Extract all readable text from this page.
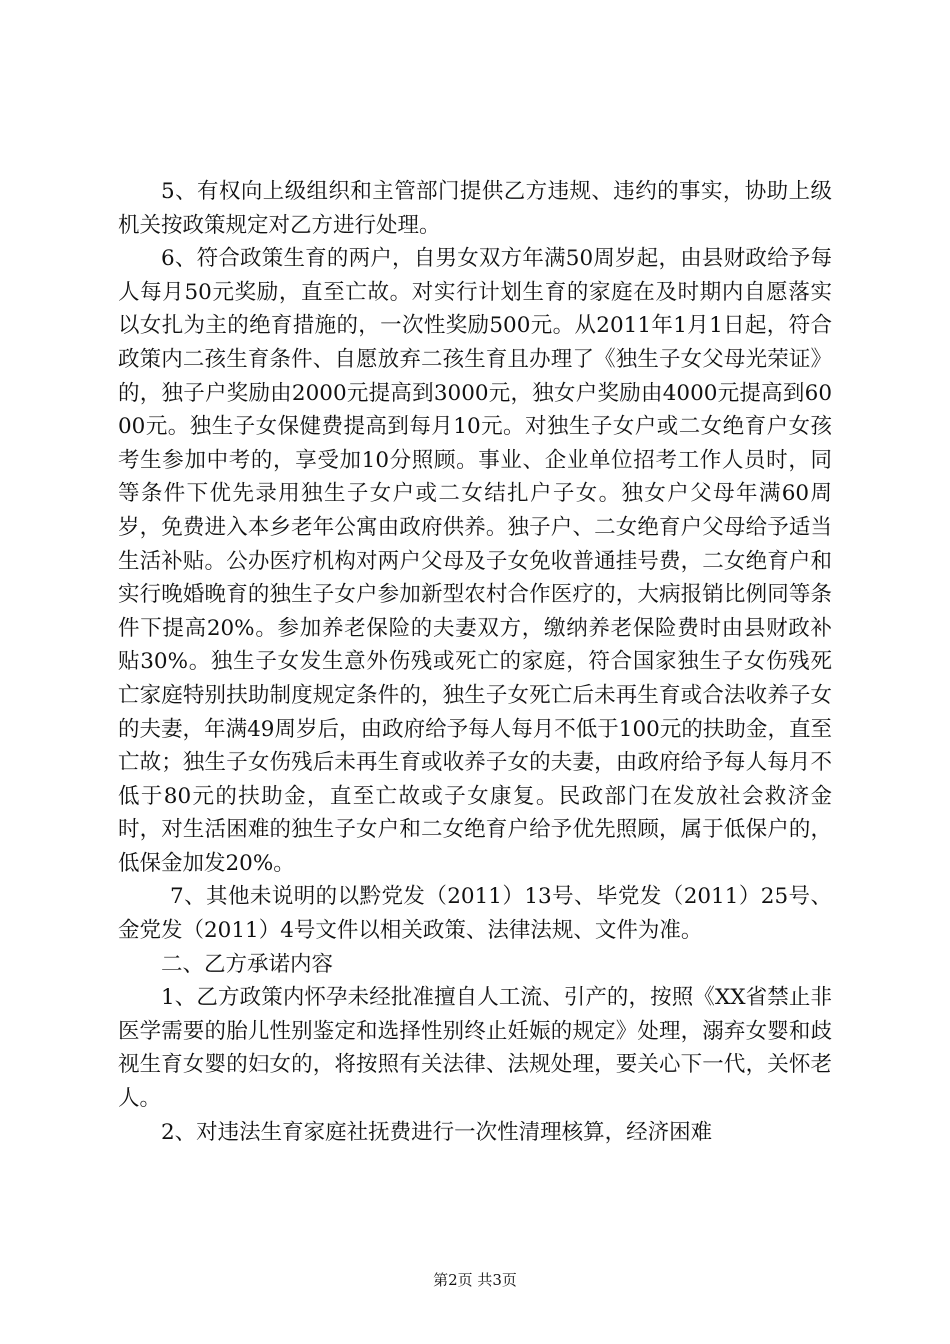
5、有权向上级组织和主管部门提供乙方违规、违约的事实，协助上级机关按政策规定对乙方进行处理。

6、符合政策生育的两户，自男女双方年满50周岁起，由县财政给予每人每月50元奖励，直至亡故。对实行计划生育的家庭在及时期内自愿落实以女扎为主的绝育措施的，一次性奖励500元。从2011年1月1日起，符合政策内二孩生育条件、自愿放弃二孩生育且办理了《独生子女父母光荣证》的，独子户奖励由2000元提高到3000元，独女户奖励由4000元提高到6000元。独生子女保健费提高到每月10元。对独生子女户或二女绝育户女孩考生参加中考的，享受加10分照顾。事业、企业单位招考工作人员时，同等条件下优先录用独生子女户或二女结扎户子女。独女户父母年满60周岁，免费进入本乡老年公寓由政府供养。独子户、二女绝育户父母给予适当生活补贴。公办医疗机构对两户父母及子女免收普通挂号费，二女绝育户和实行晚婚晚育的独生子女户参加新型农村合作医疗的，大病报销比例同等条件下提高20%。参加养老保险的夫妻双方，缴纳养老保险费时由县财政补贴30%。独生子女发生意外伤残或死亡的家庭，符合国家独生子女伤残死亡家庭特别扶助制度规定条件的，独生子女死亡后未再生育或合法收养子女的夫妻，年满49周岁后，由政府给予每人每月不低于100元的扶助金，直至亡故；独生子女伤残后未再生育或收养子女的夫妻，由政府给予每人每月不低于80元的扶助金，直至亡故或子女康复。民政部门在发放社会救济金时，对生活困难的独生子女户和二女绝育户给予优先照顾，属于低保户的，低保金加发20%。

7、其他未说明的以黔党发（2011）13号、毕党发（2011）25号、金党发（2011）4号文件以相关政策、法律法规、文件为准。

二、乙方承诺内容

1、乙方政策内怀孕未经批准擅自人工流、引产的，按照《XX省禁止非医学需要的胎儿性别鉴定和选择性别终止妊娠的规定》处理，溺弃女婴和歧视生育女婴的妇女的，将按照有关法律、法规处理，要关心下一代，关怀老人。

2、对违法生育家庭社抚费进行一次性清理核算，经济困难

第2页 共3页
